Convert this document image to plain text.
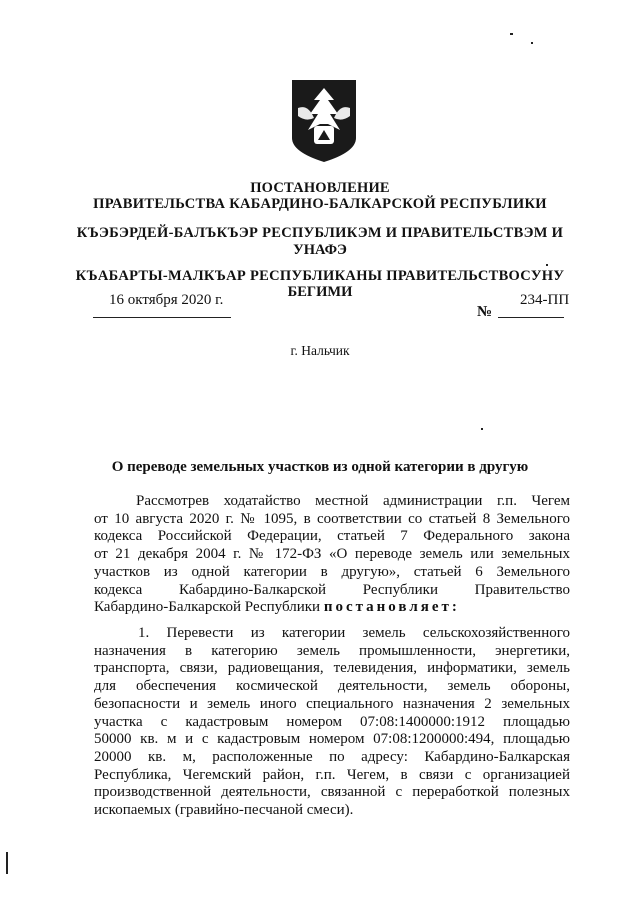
ПОСТАНОВЛЕНИЕ
ПРАВИТЕЛЬСТВА КАБАРДИНО-БАЛКАРСКОЙ РЕСПУБЛИКИ
КЪЭБЭРДЕЙ-БАЛЪКЪЭР РЕСПУБЛИКЭМ И ПРАВИТЕЛЬСТВЭМ И
УНАФЭ
КЪАБАРТЫ-МАЛКЪАР РЕСПУБЛИКАНЫ ПРАВИТЕЛЬСТВОСУНУ
БЕГИМИ
16 октября 2020 г.
№
234-ПП
г. Нальчик
О переводе земельных участков из одной категории в другую
Рассмотрев ходатайство местной администрации г.п. Чегем
от 10 августа 2020 г. № 1095, в соответствии со статьей 8 Земельного
кодекса Российской Федерации, статьей 7 Федерального закона
от 21 декабря 2004 г. № 172-ФЗ «О переводе земель или земельных
участков из одной категории в другую», статьей 6 Земельного
кодекса Кабардино-Балкарской Республики Правительство
Кабардино-Балкарской Республики постановляет:
1. Перевести из категории земель сельскохозяйственного
назначения в категорию земель промышленности, энергетики,
транспорта, связи, радиовещания, телевидения, информатики, земель
для обеспечения космической деятельности, земель обороны,
безопасности и земель иного специального назначения 2 земельных
участка с кадастровым номером 07:08:1400000:1912 площадью
50000 кв. м и с кадастровым номером 07:08:1200000:494, площадью
20000 кв. м, расположенные по адресу: Кабардино-Балкарская
Республика, Чегемский район, г.п. Чегем, в связи с организацией
производственной деятельности, связанной с переработкой полезных
ископаемых (гравийно-песчаной смеси).
